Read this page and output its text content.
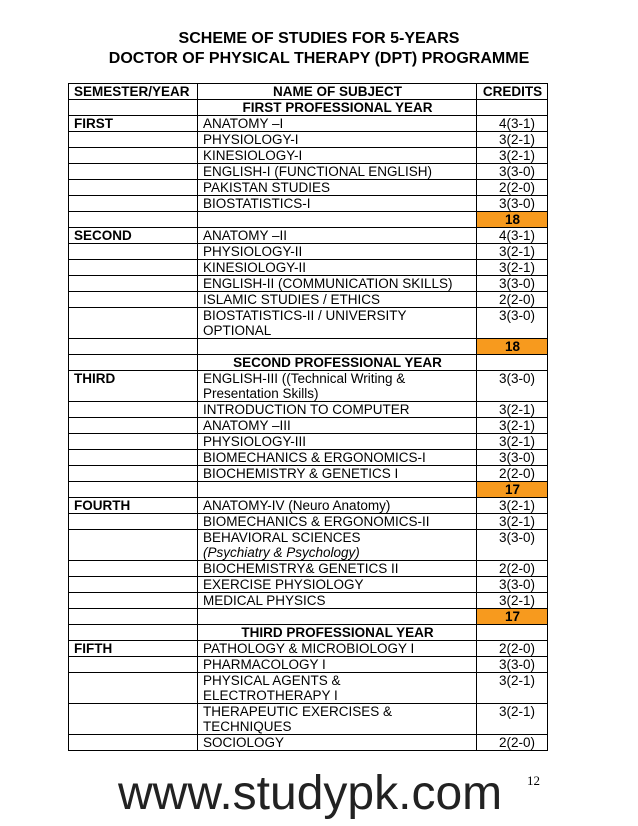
SCHEME OF STUDIES FOR 5-YEARS
DOCTOR OF PHYSICAL THERAPY (DPT) PROGRAMME
SEMESTER/YEAR	NAME OF SUBJECT	CREDITS
	FIRST PROFESSIONAL YEAR	
FIRST	ANATOMY –I	4(3-1)
	PHYSIOLOGY-I	3(2-1)
	KINESIOLOGY-I	3(2-1)
	ENGLISH-I (FUNCTIONAL ENGLISH)	3(3-0)
	PAKISTAN STUDIES	2(2-0)
	BIOSTATISTICS-I	3(3-0)
		18
SECOND	ANATOMY –II	4(3-1)
	PHYSIOLOGY-II	3(2-1)
	KINESIOLOGY-II	3(2-1)
	ENGLISH-II (COMMUNICATION SKILLS)	3(3-0)
	ISLAMIC STUDIES / ETHICS	2(2-0)
	BIOSTATISTICS-II / UNIVERSITY
OPTIONAL	3(3-0)
		18
	SECOND PROFESSIONAL YEAR	
THIRD	ENGLISH-III ((Technical Writing &
Presentation Skills)	3(3-0)
	INTRODUCTION TO COMPUTER	3(2-1)
	ANATOMY –III	3(2-1)
	PHYSIOLOGY-III	3(2-1)
	BIOMECHANICS & ERGONOMICS-I	3(3-0)
	BIOCHEMISTRY & GENETICS I	2(2-0)
		17
FOURTH	ANATOMY-IV (Neuro Anatomy)	3(2-1)
	BIOMECHANICS & ERGONOMICS-II	3(2-1)
	BEHAVIORAL SCIENCES
(Psychiatry & Psychology)	3(3-0)
	BIOCHEMISTRY& GENETICS II	2(2-0)
	EXERCISE PHYSIOLOGY	3(3-0)
	MEDICAL PHYSICS	3(2-1)
		17
	THIRD PROFESSIONAL YEAR	
FIFTH	PATHOLOGY & MICROBIOLOGY I	2(2-0)
	PHARMACOLOGY I	3(3-0)
	PHYSICAL AGENTS &
ELECTROTHERAPY I	3(2-1)
	THERAPEUTIC EXERCISES &
TECHNIQUES	3(2-1)
	SOCIOLOGY	2(2-0)
www.studypk.com 12
